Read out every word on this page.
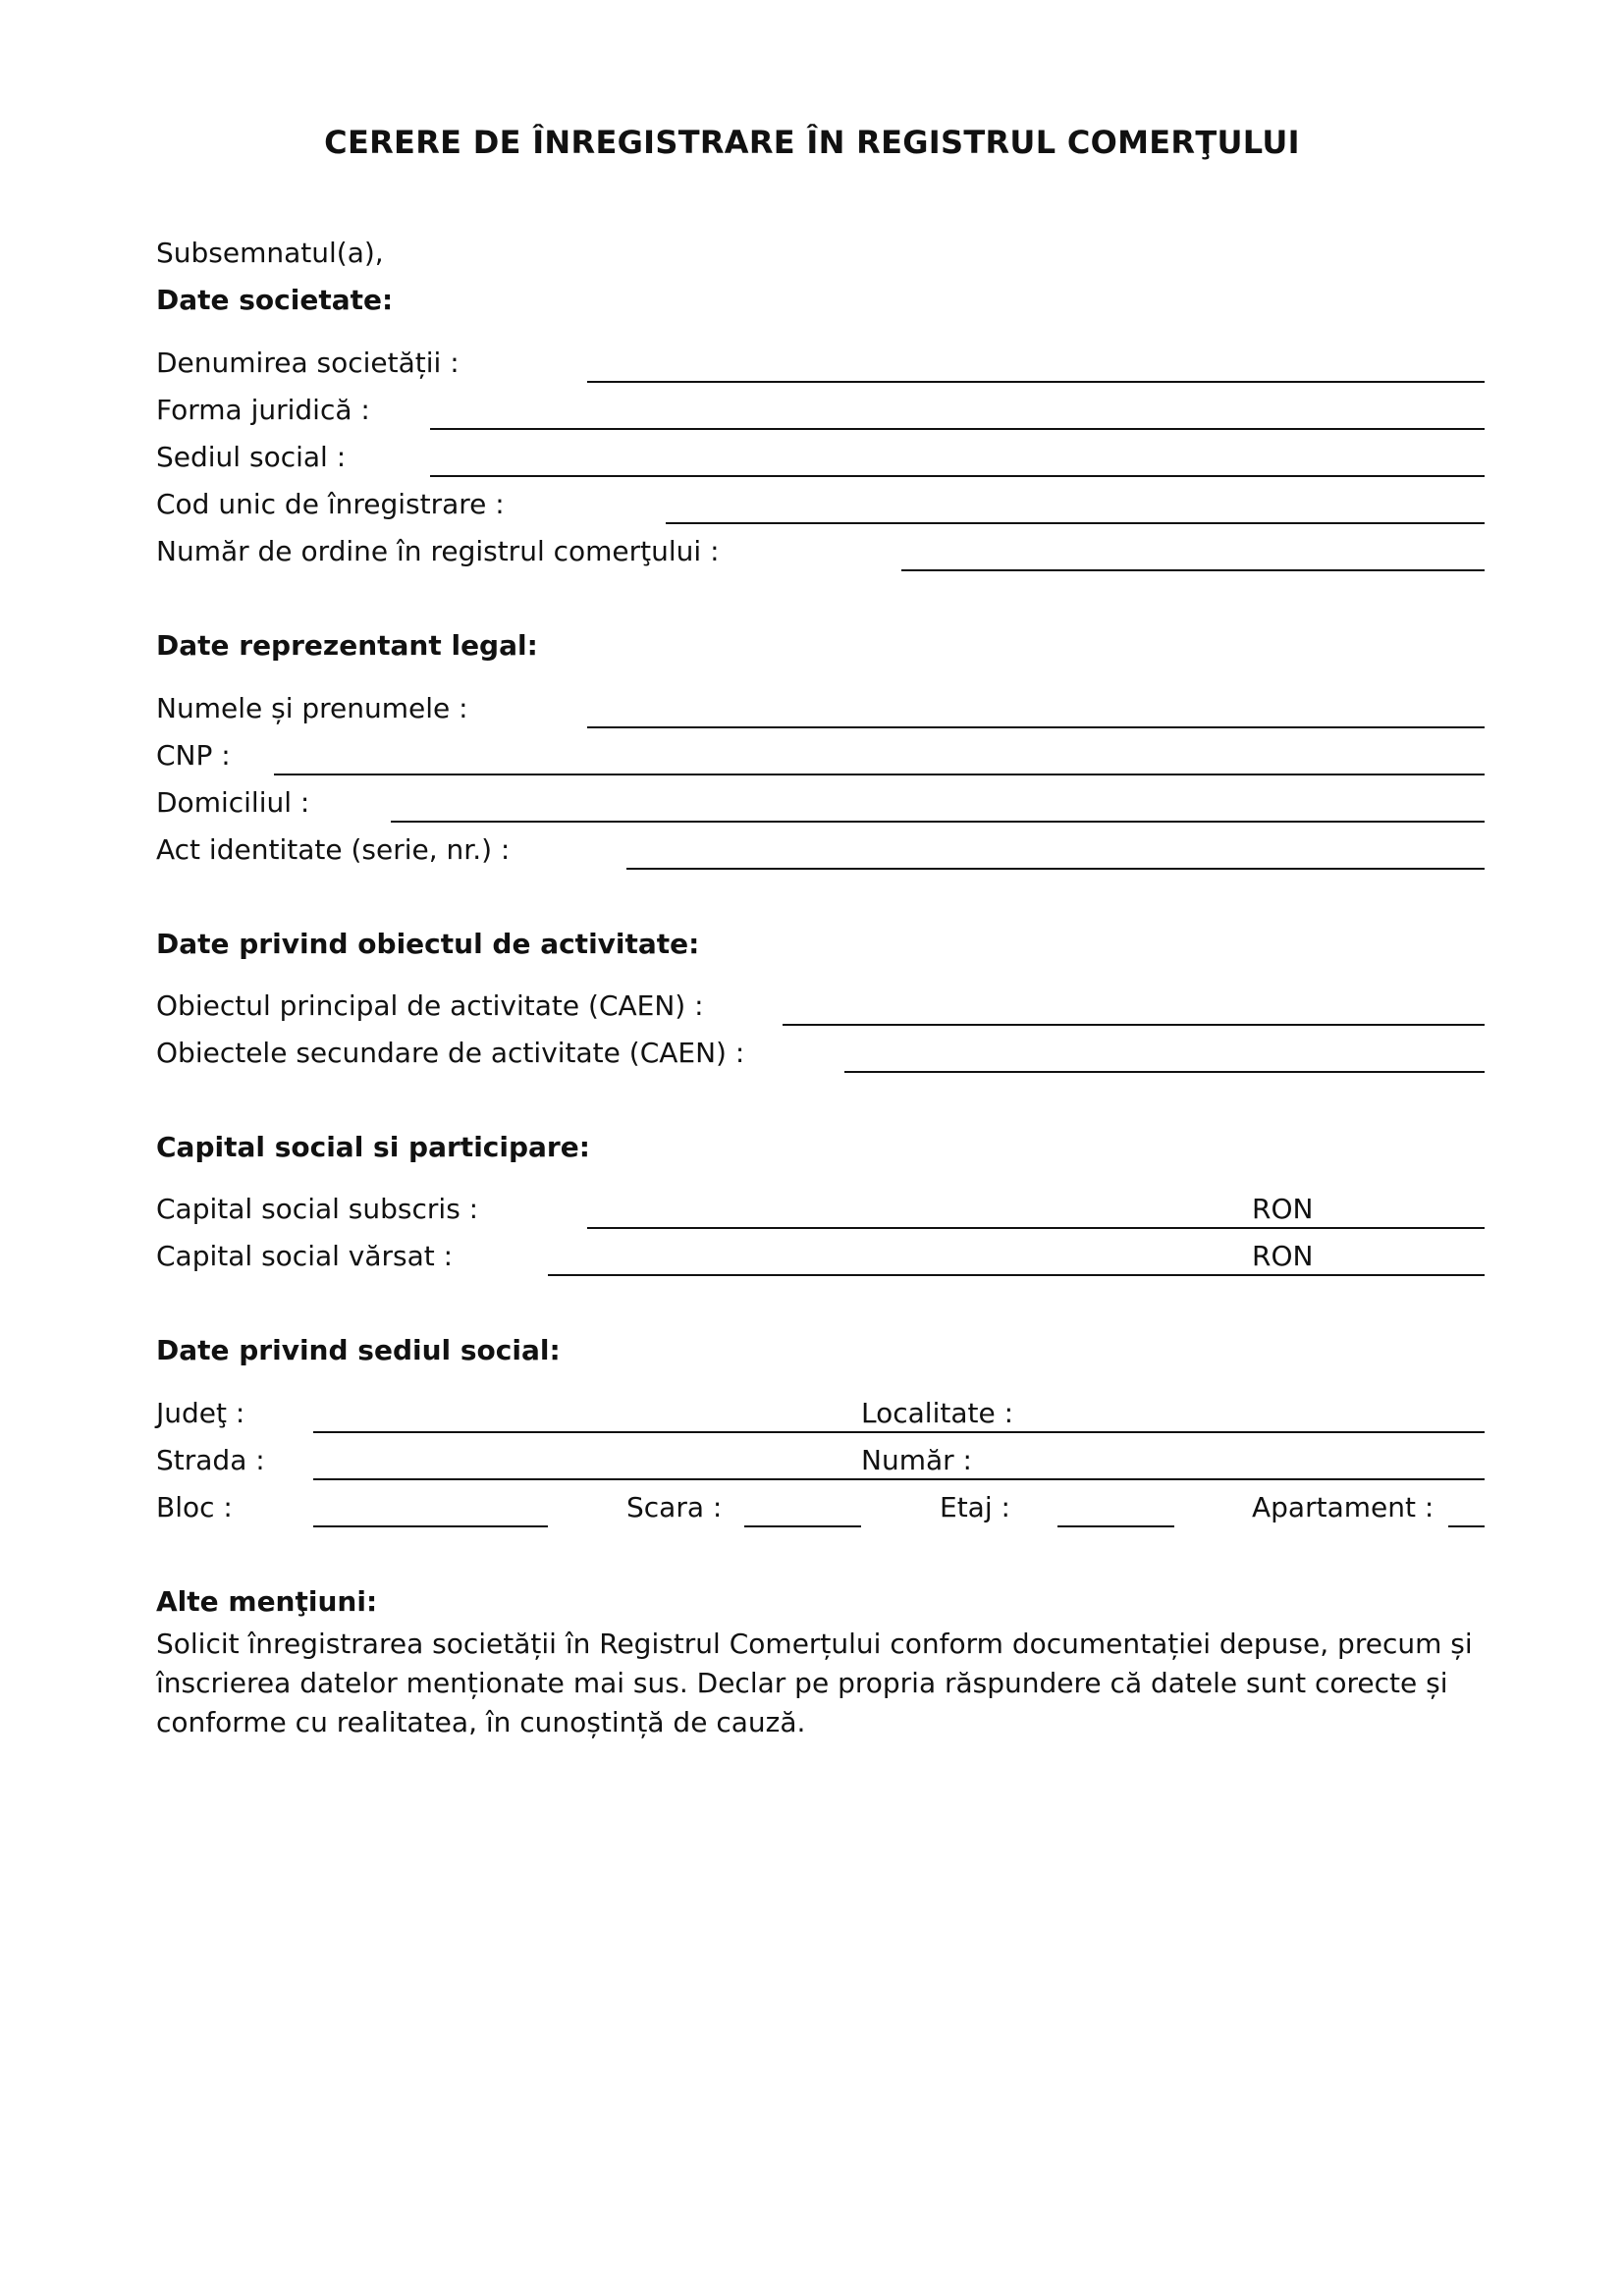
CERERE DE ÎNREGISTRARE ÎN REGISTRUL COMERŢULUI
Subsemnatul(a),
Date societate:
Denumirea societății :
Forma juridică :
Sediul social :
Cod unic de înregistrare :
Număr de ordine în registrul comerţului :
Date reprezentant legal:
Numele și prenumele :
CNP :
Domiciliul :
Act identitate (serie, nr.) :
Date privind obiectul de activitate:
Obiectul principal de activitate (CAEN) :
Obiectele secundare de activitate (CAEN) :
Capital social si participare:
Capital social subscris :	RON
Capital social vărsat :	RON
Date privind sediul social:
Judeţ :	Localitate :
Strada :	Număr :
Bloc :	Scara :	Etaj :	Apartament :
Alte menţiuni:
Solicit înregistrarea societății în Registrul Comerțului conform documentației depuse, precum și înscrierea datelor menționate mai sus. Declar pe propria răspundere că datele sunt corecte și conforme cu realitatea, în cunoștință de cauză.
